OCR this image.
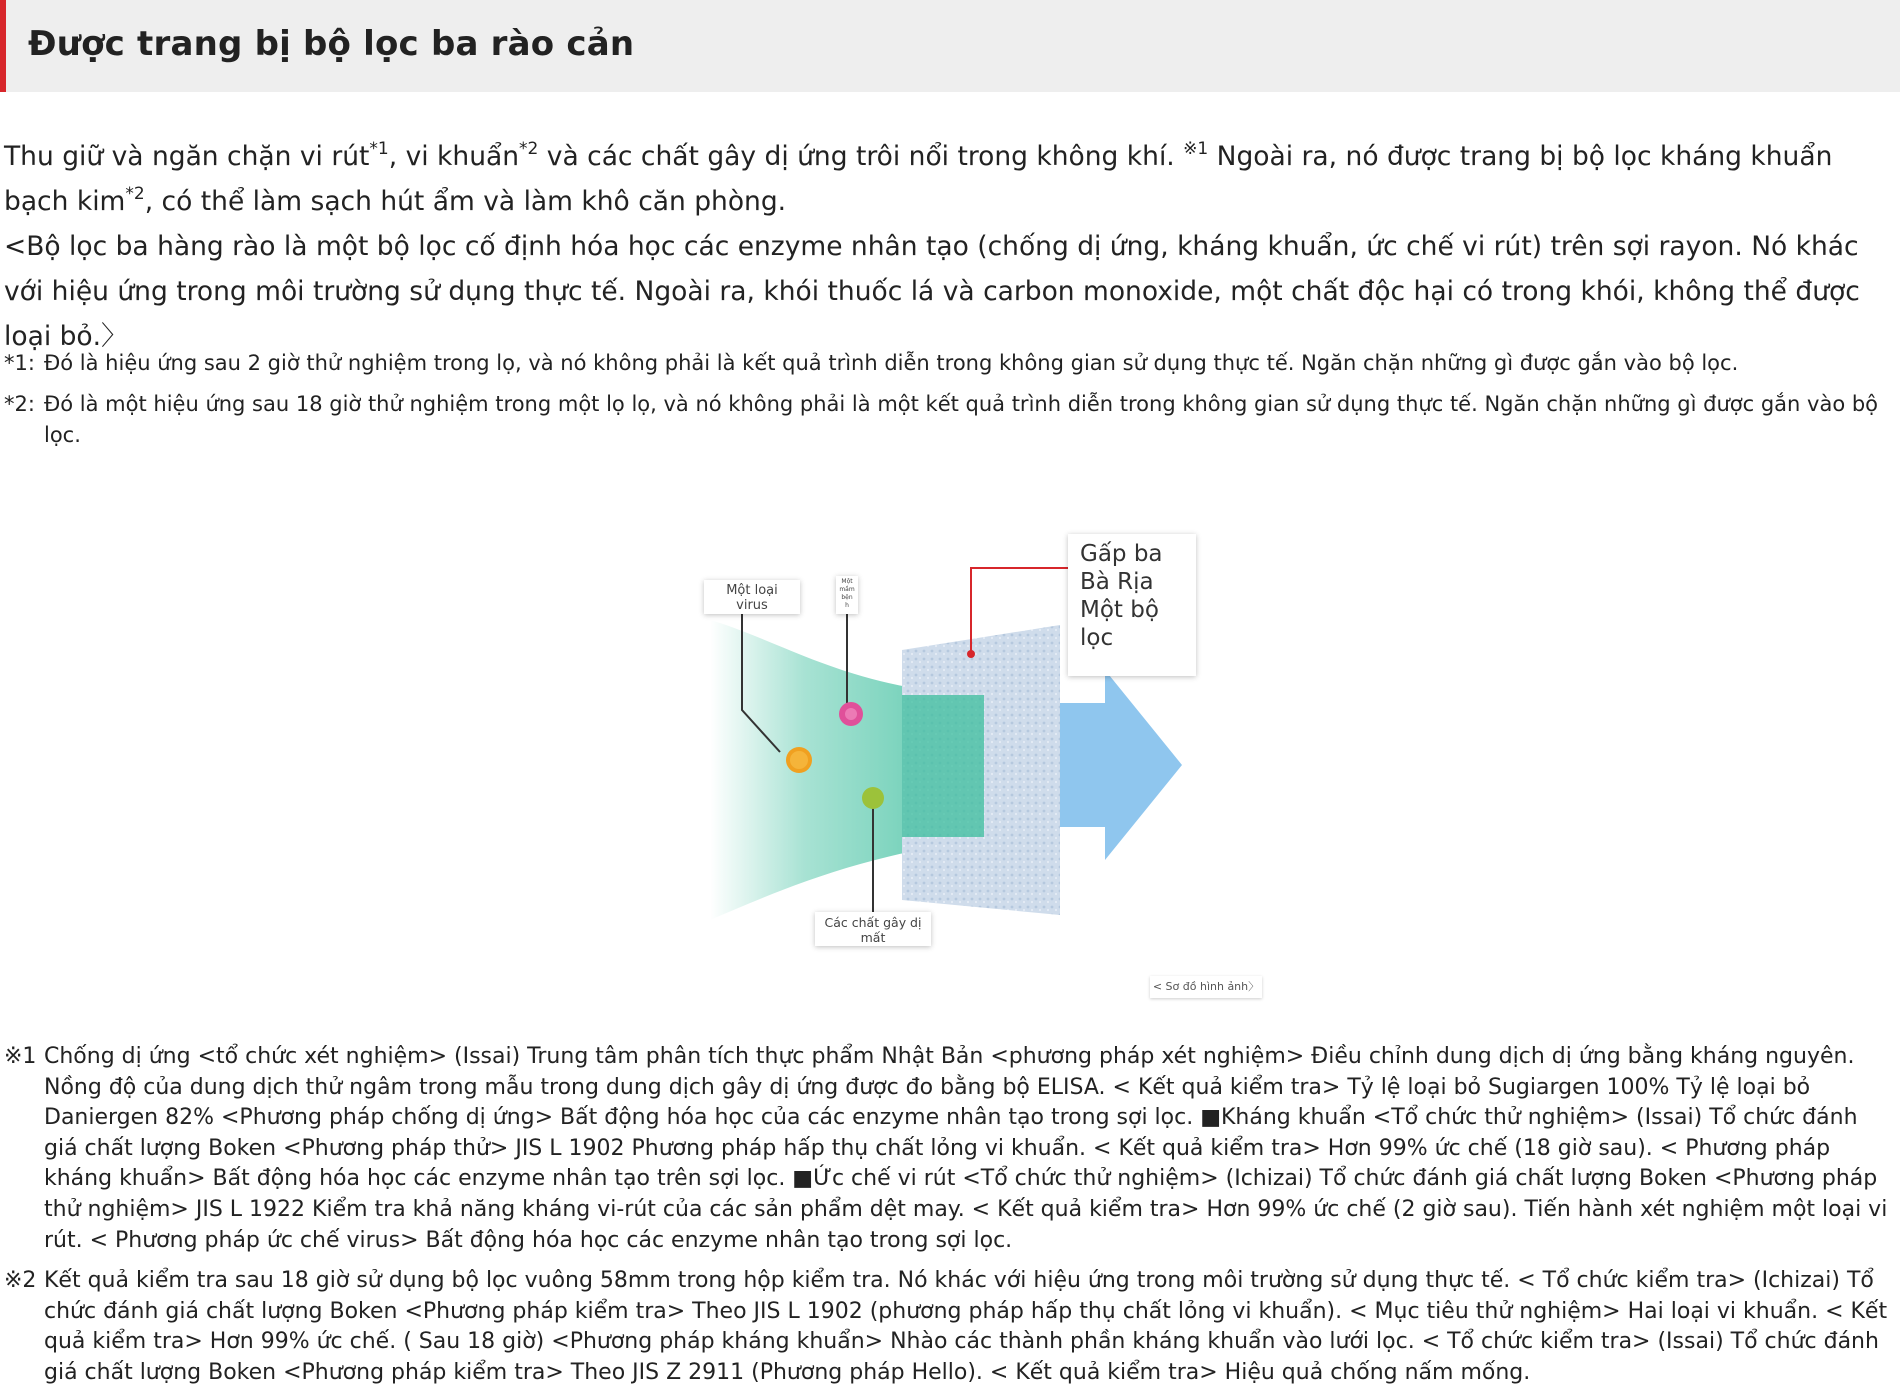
Được trang bị bộ lọc ba rào cản

Thu giữ và ngăn chặn vi rút$^{*1}$, vi khuẩn$^{*2}$ và các chất gây dị ứng trôi nổi trong không khí. $^{※1}$ Ngoài ra, nó được trang bị bộ lọc kháng khuẩn bạch kim$^{*2}$, có thể làm sạch hút ẩm và làm khô căn phòng.

<Bộ lọc ba hàng rào là một bộ lọc cố định hóa học các enzyme nhân tạo (chống dị ứng, kháng khuẩn, ức chế vi rút) trên sợi rayon. Nó khác với hiệu ứng trong môi trường sử dụng thực tế. Ngoài ra, khói thuốc lá và carbon monoxide, một chất độc hại có trong khói, không thể được loại bỏ.〉

*1: Đó là hiệu ứng sau 2 giờ thử nghiệm trong lọ, và nó không phải là kết quả trình diễn trong không gian sử dụng thực tế. Ngăn chặn những gì được gắn vào bộ lọc.
*2: Đó là một hiệu ứng sau 18 giờ thử nghiệm trong một lọ lọ, và nó không phải là một kết quả trình diễn trong không gian sử dụng thực tế. Ngăn chặn những gì được gắn vào bộ lọc.
Một loại
virus
Một
mầm
bện
h
Các chất gây dị
mất
Gấp ba
Bà Rịa
Một bộ
lọc
< Sơ đồ hình ảnh〉
※1 Chống dị ứng <tổ chức xét nghiệm> (Issai) Trung tâm phân tích thực phẩm Nhật Bản <phương pháp xét nghiệm> Điều chỉnh dung dịch dị ứng bằng kháng nguyên. Nồng độ của dung dịch thử ngâm trong mẫu trong dung dịch gây dị ứng được đo bằng bộ ELISA. < Kết quả kiểm tra> Tỷ lệ loại bỏ Sugiargen 100% Tỷ lệ loại bỏ Daniergen 82% <Phương pháp chống dị ứng> Bất động hóa học của các enzyme nhân tạo trong sợi lọc. ■Kháng khuẩn <Tổ chức thử nghiệm> (Issai) Tổ chức đánh giá chất lượng Boken <Phương pháp thử> JIS L 1902 Phương pháp hấp thụ chất lỏng vi khuẩn. < Kết quả kiểm tra> Hơn 99% ức chế (18 giờ sau). < Phương pháp kháng khuẩn> Bất động hóa học các enzyme nhân tạo trên sợi lọc. ■Ức chế vi rút <Tổ chức thử nghiệm> (Ichizai) Tổ chức đánh giá chất lượng Boken <Phương pháp thử nghiệm> JIS L 1922 Kiểm tra khả năng kháng vi-rút của các sản phẩm dệt may. < Kết quả kiểm tra> Hơn 99% ức chế (2 giờ sau). Tiến hành xét nghiệm một loại vi rút. < Phương pháp ức chế virus> Bất động hóa học các enzyme nhân tạo trong sợi lọc.
※2 Kết quả kiểm tra sau 18 giờ sử dụng bộ lọc vuông 58mm trong hộp kiểm tra. Nó khác với hiệu ứng trong môi trường sử dụng thực tế. < Tổ chức kiểm tra> (Ichizai) Tổ chức đánh giá chất lượng Boken <Phương pháp kiểm tra> Theo JIS L 1902 (phương pháp hấp thụ chất lỏng vi khuẩn). < Mục tiêu thử nghiệm> Hai loại vi khuẩn. < Kết quả kiểm tra> Hơn 99% ức chế. ( Sau 18 giờ) <Phương pháp kháng khuẩn> Nhào các thành phần kháng khuẩn vào lưới lọc. < Tổ chức kiểm tra> (Issai) Tổ chức đánh giá chất lượng Boken <Phương pháp kiểm tra> Theo JIS Z 2911 (Phương pháp Hello). < Kết quả kiểm tra> Hiệu quả chống nấm mống.
